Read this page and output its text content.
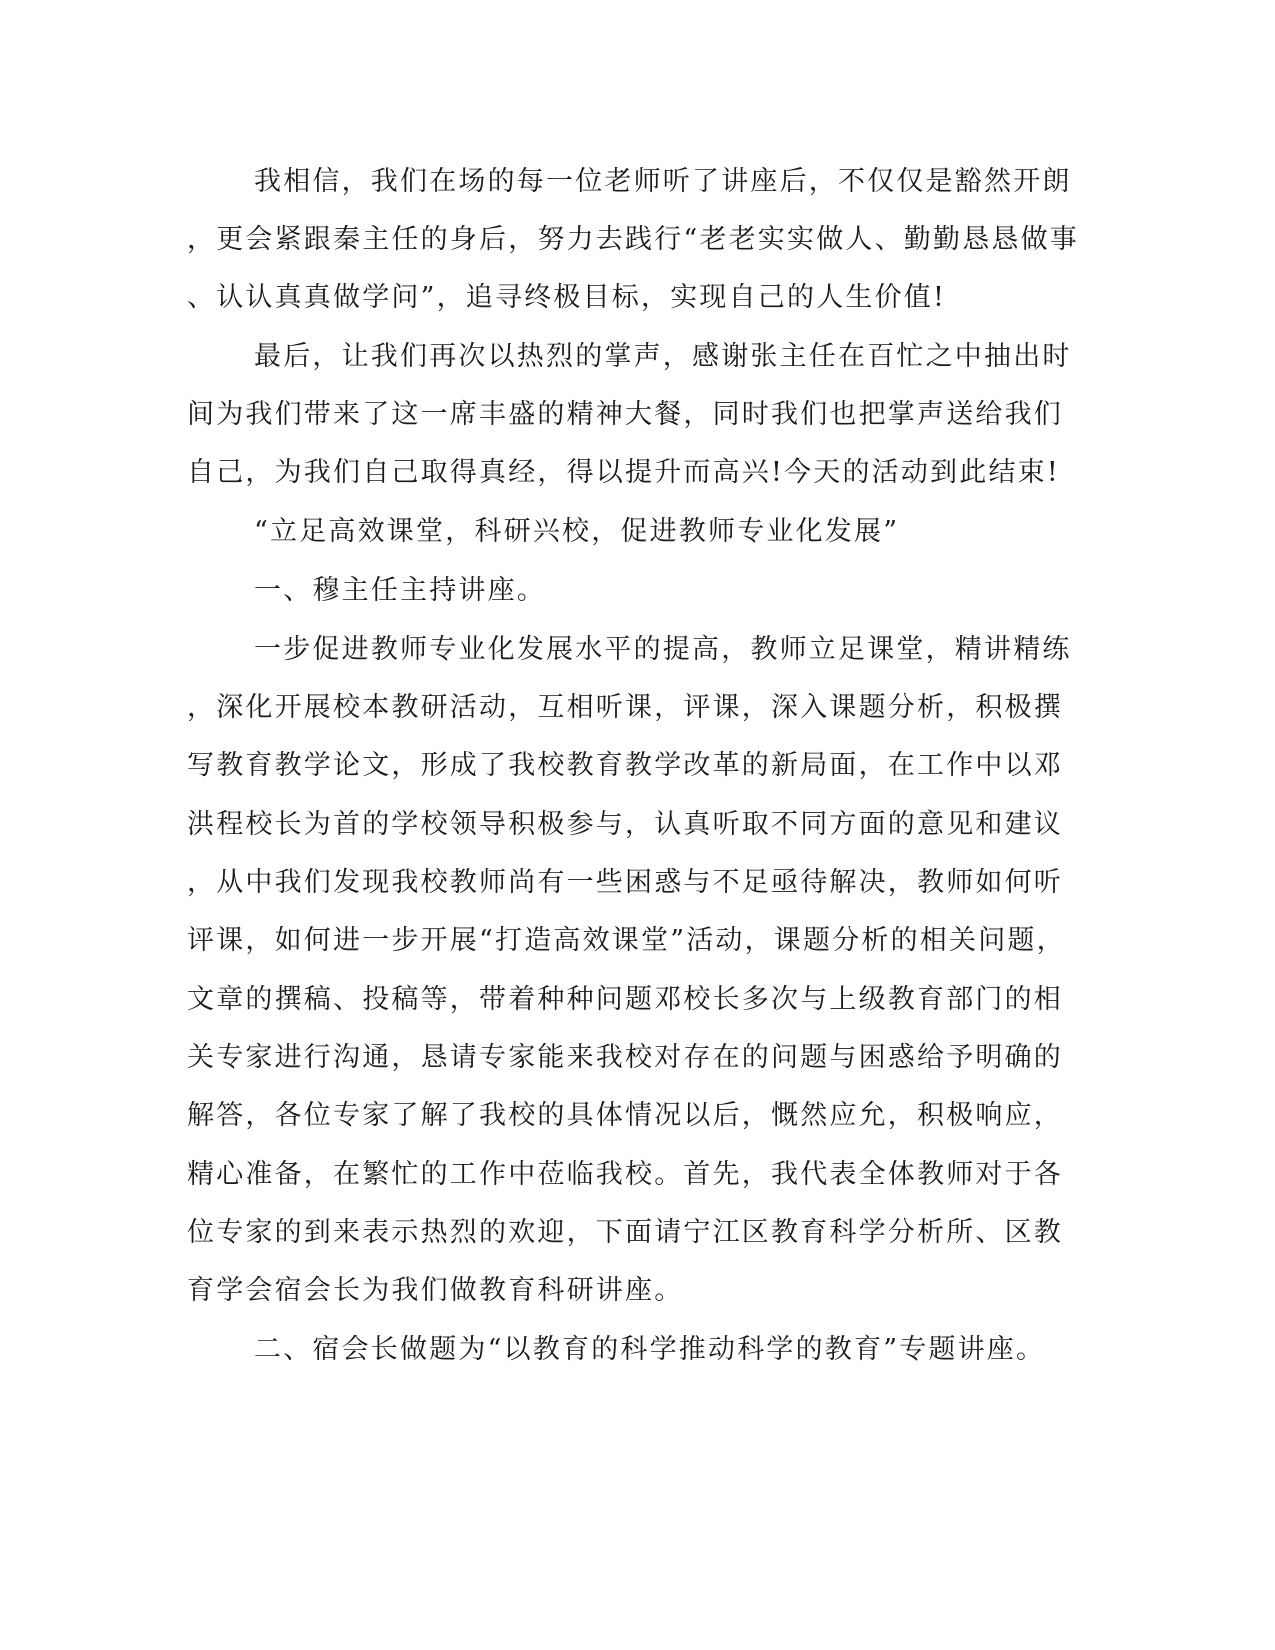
我相信，我们在场的每一位老师听了讲座后，不仅仅是豁然开朗
，更会紧跟秦主任的身后，努力去践行“老老实实做人、勤勤恳恳做事
、认认真真做学问”，追寻终极目标，实现自己的人生价值!
最后，让我们再次以热烈的掌声，感谢张主任在百忙之中抽出时
间为我们带来了这一席丰盛的精神大餐，同时我们也把掌声送给我们
自己，为我们自己取得真经，得以提升而高兴!今天的活动到此结束!
“立足高效课堂，科研兴校，促进教师专业化发展”
一、穆主任主持讲座。
一步促进教师专业化发展水平的提高，教师立足课堂，精讲精练
，深化开展校本教研活动，互相听课，评课，深入课题分析，积极撰
写教育教学论文，形成了我校教育教学改革的新局面，在工作中以邓
洪程校长为首的学校领导积极参与，认真听取不同方面的意见和建议
，从中我们发现我校教师尚有一些困惑与不足亟待解决，教师如何听
评课，如何进一步开展“打造高效课堂”活动，课题分析的相关问题，
文章的撰稿、投稿等，带着种种问题邓校长多次与上级教育部门的相
关专家进行沟通，恳请专家能来我校对存在的问题与困惑给予明确的
解答，各位专家了解了我校的具体情况以后，慨然应允，积极响应，
精心准备，在繁忙的工作中莅临我校。首先，我代表全体教师对于各
位专家的到来表示热烈的欢迎，下面请宁江区教育科学分析所、区教
育学会宿会长为我们做教育科研讲座。
二、宿会长做题为“以教育的科学推动科学的教育”专题讲座。
